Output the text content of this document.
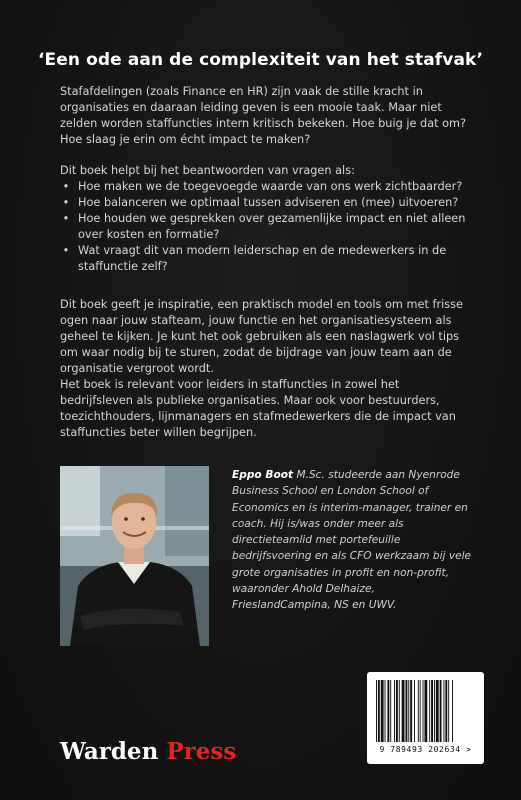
‘Een ode aan de complexiteit van het stafvak’

Stafafdelingen (zoals Finance en HR) zijn vaak de stille kracht in organisaties en daaraan leiding geven is een mooie taak. Maar niet zelden worden staffuncties intern kritisch bekeken. Hoe buig je dat om? Hoe slaag je erin om écht impact te maken?

Dit boek helpt bij het beantwoorden van vragen als:

• Hoe maken we de toegevoegde waarde van ons werk zichtbaarder?
• Hoe balanceren we optimaal tussen adviseren en (mee) uitvoeren?
• Hoe houden we gesprekken over gezamenlijke impact en niet alleen over kosten en formatie?
• Wat vraagt dit van modern leiderschap en de medewerkers in de staffunctie zelf?

Dit boek geeft je inspiratie, een praktisch model en tools om met frisse ogen naar jouw stafteam, jouw functie en het organisatiesysteem als geheel te kijken. Je kunt het ook gebruiken als een naslagwerk vol tips om waar nodig bij te sturen, zodat de bijdrage van jouw team aan de organisatie vergroot wordt.

Het boek is relevant voor leiders in staffuncties in zowel het bedrijfsleven als publieke organisaties. Maar ook voor bestuurders, toezichthouders, lijnmanagers en stafmedewerkers die de impact van staffuncties beter willen begrijpen.

Eppo Boot M.Sc. studeerde aan Nyenrode Business School en London School of Economics en is interim-manager, trainer en coach. Hij is/was onder meer als directieteamlid met portefeuille bedrijfsvoering en als CFO werkzaam bij vele grote organisaties in profit en non-profit, waaronder Ahold Delhaize, FrieslandCampina, NS en UWV.
Warden Press	9 789493 202634 >
